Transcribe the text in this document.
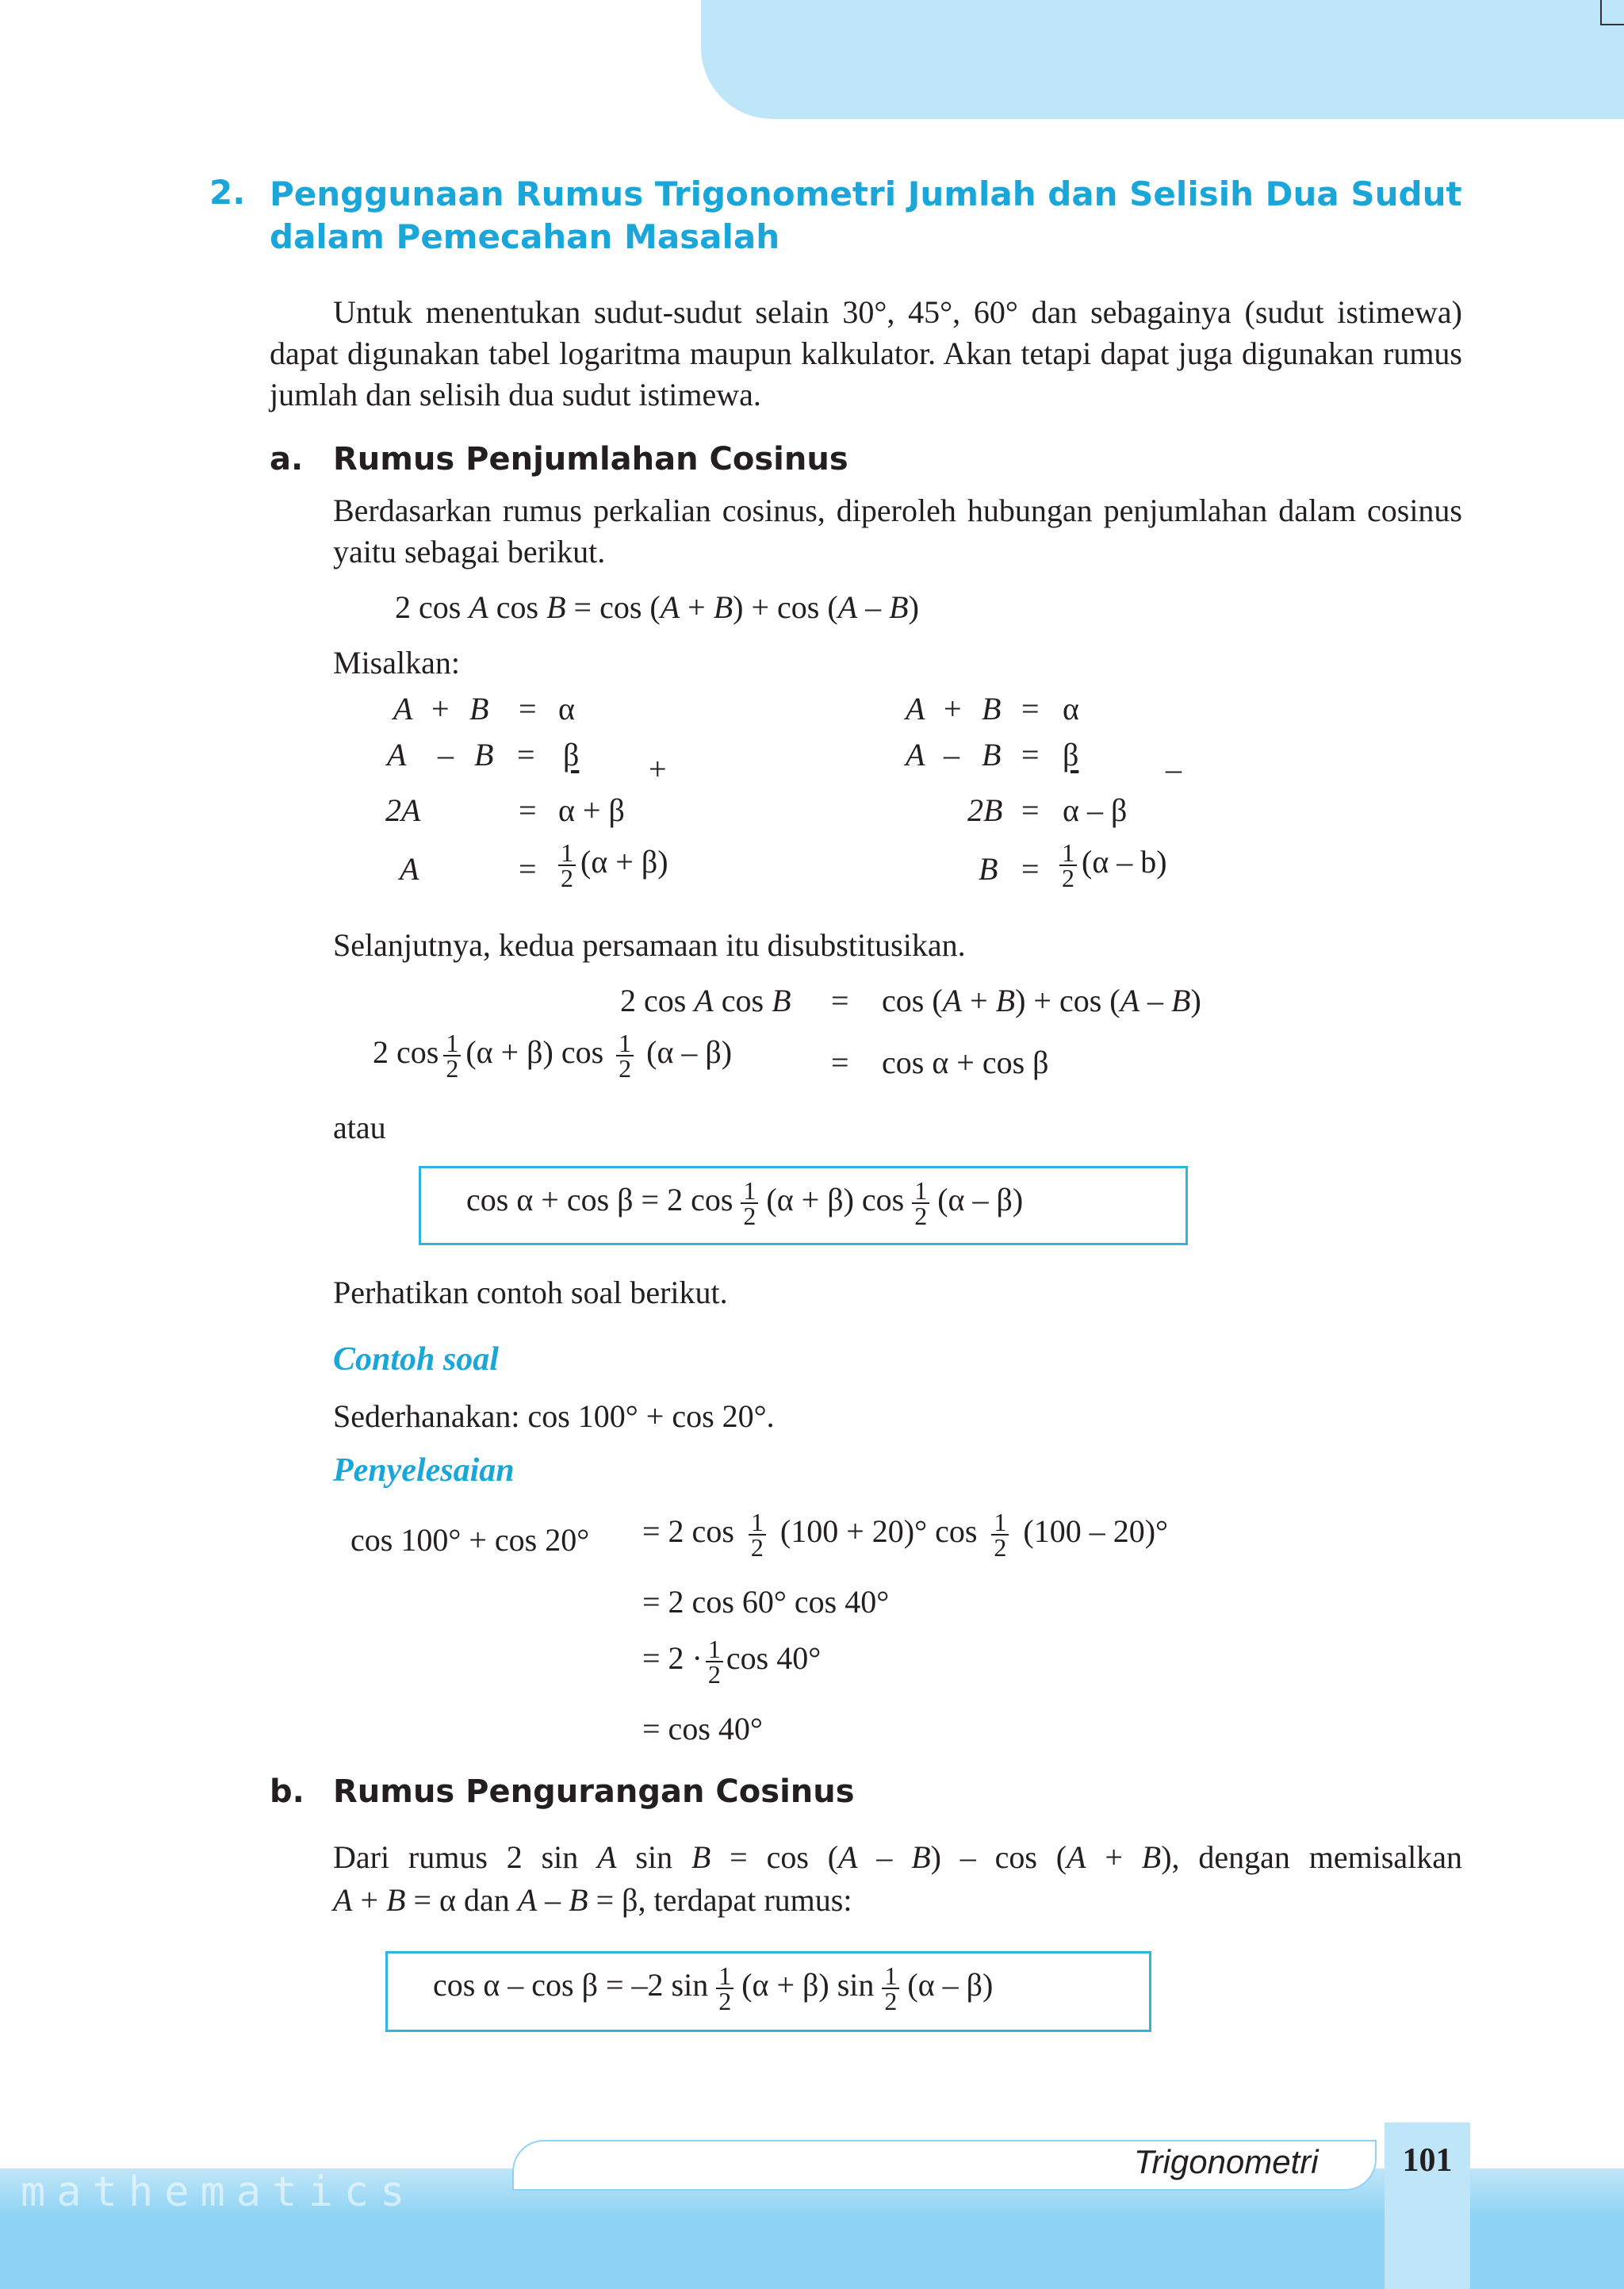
2. Penggunaan Rumus Trigonometri Jumlah dan Selisih Dua Sudut
dalam Pemecahan Masalah
Untuk menentukan sudut-sudut selain 30°, 45°, 60° dan sebagainya (sudut istimewa) dapat digunakan tabel logaritma maupun kalkulator. Akan tetapi dapat juga digunakan rumus jumlah dan selisih dua sudut istimewa.
a. Rumus Penjumlahan Cosinus
Berdasarkan rumus perkalian cosinus, diperoleh hubungan penjumlahan dalam cosinus yaitu sebagai berikut.
2 cos A cos B = cos (A + B) + cos (A – B)
Misalkan:
A + B = α
A – B = β +
2A	= α + β
A	= $\frac{1}{2} (\alpha + \beta)$
A + B = α
A – B = β	–
2B = α – β
$B = \frac{1}{2} (\alpha - b)$
Selanjutnya, kedua persamaan itu disubstitusikan.
2 cos A cos B = cos (A + B) + cos (A – B)
2 $\cos \frac{1}{2} (\alpha + \beta)$ $\cos \frac{1}{2} (\alpha - \beta)$	= cos α + cos β
atau
cos α + cos β = 2 $\cos \frac{1}{2} (\alpha + \beta)$ $\cos \frac{1}{2} (\alpha - \beta)$
Perhatikan contoh soal berikut.
Contoh soal
Sederhanakan: cos 100° + cos 20°.
Penyelesaian
cos 100° + cos 20° = 2 $\cos \frac{1}{2} (100 + 20)^\circ$ $\cos \frac{1}{2} (100 - 20)^\circ$
= 2 cos 60° cos 40°
= $2 \cdot \frac{1}{2}$ cos 40°
= cos 40°
b. Rumus Pengurangan Cosinus
Dari rumus 2 sin A sin B = cos (A – B) – cos (A + B), dengan memisalkan
A + B = α dan A – B = β, terdapat rumus:
cos α – cos β = –2 $\sin \frac{1}{2} (\alpha + \beta)$ $\sin \frac{1}{2} (\alpha - \beta)$
mathematics
Trigonometri	101
